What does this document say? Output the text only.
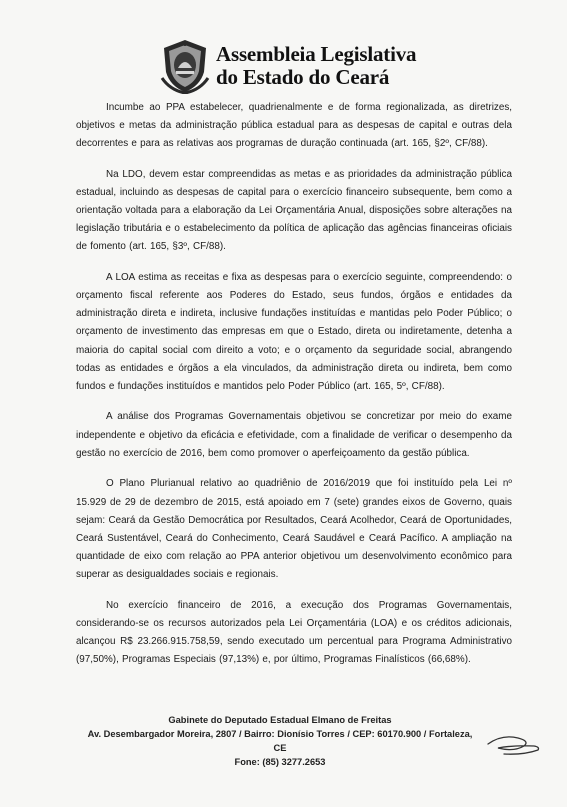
Assembleia Legislativa
do Estado do Ceará

Incumbe ao PPA estabelecer, quadrienalmente e de forma regionalizada, as diretrizes, objetivos e metas da administração pública estadual para as despesas de capital e outras dela decorrentes e para as relativas aos programas de duração continuada (art. 165, §2º, CF/88).

Na LDO, devem estar compreendidas as metas e as prioridades da administração pública estadual, incluindo as despesas de capital para o exercício financeiro subsequente, bem como a orientação voltada para a elaboração da Lei Orçamentária Anual, disposições sobre alterações na legislação tributária e o estabelecimento da política de aplicação das agências financeiras oficiais de fomento (art. 165, §3º, CF/88).

A LOA estima as receitas e fixa as despesas para o exercício seguinte, compreendendo: o orçamento fiscal referente aos Poderes do Estado, seus fundos, órgãos e entidades da administração direta e indireta, inclusive fundações instituídas e mantidas pelo Poder Público; o orçamento de investimento das empresas em que o Estado, direta ou indiretamente, detenha a maioria do capital social com direito a voto; e o orçamento da seguridade social, abrangendo todas as entidades e órgãos a ela vinculados, da administração direta ou indireta, bem como fundos e fundações instituídos e mantidos pelo Poder Público (art. 165, 5º, CF/88).

A análise dos Programas Governamentais objetivou se concretizar por meio do exame independente e objetivo da eficácia e efetividade, com a finalidade de verificar o desempenho da gestão no exercício de 2016, bem como promover o aperfeiçoamento da gestão pública.

O Plano Plurianual relativo ao quadriênio de 2016/2019 que foi instituído pela Lei nº 15.929 de 29 de dezembro de 2015, está apoiado em 7 (sete) grandes eixos de Governo, quais sejam: Ceará da Gestão Democrática por Resultados, Ceará Acolhedor, Ceará de Oportunidades, Ceará Sustentável, Ceará do Conhecimento, Ceará Saudável e Ceará Pacífico. A ampliação na quantidade de eixo com relação ao PPA anterior objetivou um desenvolvimento econômico para superar as desigualdades sociais e regionais.

No exercício financeiro de 2016, a execução dos Programas Governamentais, considerando-se os recursos autorizados pela Lei Orçamentária (LOA) e os créditos adicionais, alcançou R$ 23.266.915.758,59, sendo executado um percentual para Programa Administrativo (97,50%), Programas Especiais (97,13%) e, por último, Programas Finalísticos (66,68%).

Gabinete do Deputado Estadual Elmano de Freitas
Av. Desembargador Moreira, 2807 / Bairro: Dionísio Torres / CEP: 60170.900 / Fortaleza, CE
Fone: (85) 3277.2653
